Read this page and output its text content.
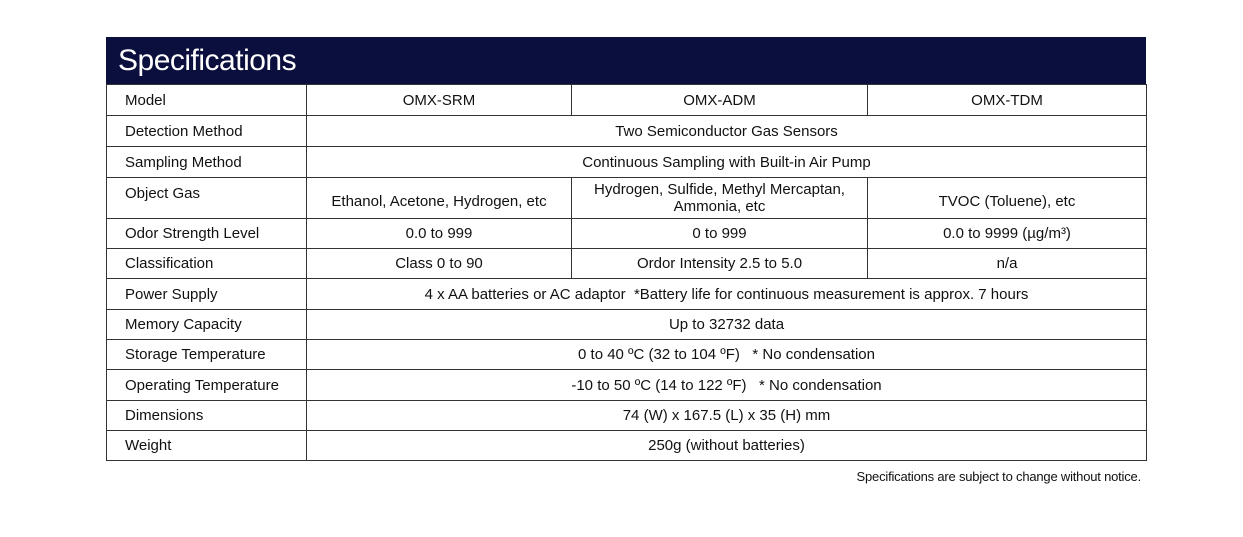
Specifications
Model	OMX-SRM	OMX-ADM	OMX-TDM
Detection Method	Two Semiconductor Gas Sensors		
Sampling Method	Continuous Sampling with Built-in Air Pump		
Object Gas	Ethanol, Acetone, Hydrogen, etc	Hydrogen, Sulfide, Methyl Mercaptan, Ammonia, etc	TVOC (Toluene), etc
Odor Strength Level	0.0 to 999	0 to 999	0.0 to 9999 (µg/m³)
Classification	Class 0 to 90	Ordor Intensity 2.5 to 5.0	n/a
Power Supply	4 x AA batteries or AC adaptor  *Battery life for continuous measurement is approx. 7 hours		
Memory Capacity	Up to 32732 data		
Storage Temperature	0 to 40 ºC (32 to 104 ºF)   * No condensation		
Operating Temperature	-10 to 50 ºC (14 to 122 ºF)   * No condensation		
Dimensions	74 (W) x 167.5 (L) x 35 (H) mm		
Weight	250g (without batteries)		
Specifications are subject to change without notice.
